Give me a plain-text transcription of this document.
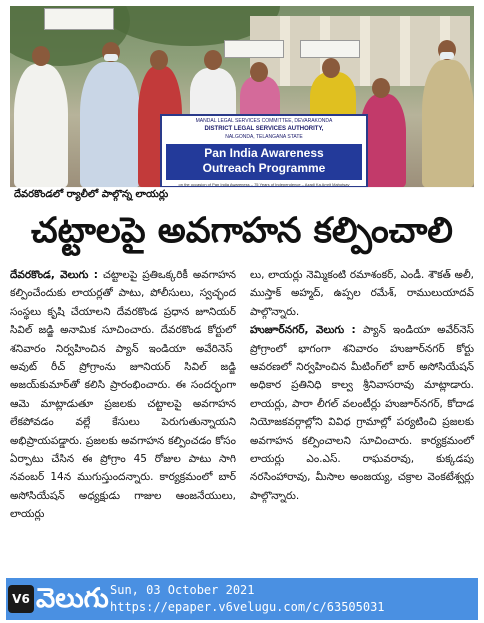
MANDAL LEGAL SERVICES COMMITTEE, DEVARAKONDA
DISTRICT LEGAL SERVICES AUTHORITY,
NALGONDA, TELANGANA STATE
Pan India Awareness
Outreach Programme
on the occasion of Pan India Awareness – 75 Years of Independence – Azadi Ka Amrit Mahotsav
దేవరకొండలో ర్యాలీలో పాల్గొన్న లాయర్లు
చట్టాలపై అవగాహన కల్పించాలి

దేవరకొండ, వెలుగు : చట్టాలపై ప్రతిఒక్కరికీ అవగాహన కల్పించేందుకు లాయర్లతో పాటు, పోలీసులు, స్వచ్ఛంద సంస్థలు కృషి చేయాలని దేవరకొండ ప్రధాన జూనియర్ సివిల్ జడ్జి అనామిక సూచించారు. దేవరకొండ కోర్టులో శనివారం నిర్వహించిన ప్యాన్ ఇండియా అవేరినెస్ ‌ అవుట్ రీచ్ ప్రోగ్రాంను జూనియర్ సివిల్ జడ్జి అజయ్‌కుమార్‌తో కలిసి ప్రారంభించారు. ఈ సందర్భంగా ఆమె మాట్లాడుతూ ప్రజలకు చట్టాలపై అవగాహన లేకపోవడం వల్లే కేసులు పెరుగుతున్నాయని అభిప్రాయపడ్డారు. ప్రజలకు అవగాహన కల్పించడం కోసం ఏర్పాటు చేసిన ఈ ప్రోగ్రాం 45 రోజుల పాటు సాగి నవంబర్ 14న ముగుస్తుందన్నారు. కార్యక్రమంలో బార్ అసోసియేషన్ అధ్యక్షుడు గాజుల ఆంజనేయులు, లాయర్లు

లు, లాయర్లు నెమ్మికంటి రమాశంకర్, ఎండీ. శౌకత్ అలీ, ముస్తాక్ అహ్మద్, ఉప్పల రమేశ్, రాములుయాదవ్ పాల్గొన్నారు.

హుజూర్‌నగర్, వెలుగు : ప్యాన్ ఇండియా అవేర్‌నెస్ ప్రోగ్రాంలో భాగంగా శనివారం హుజూర్‌నగర్ కోర్టు ఆవరణలో నిర్వహించిన మీటింగ్‌లో బార్ అసోసియేషన్ అధికార ప్రతినిధి కాల్వ శ్రీనివాసరావు మాట్లాడారు. లాయర్లు, పారా లీగల్ వలంటీర్లు హుజూర్‌నగర్, కోదాడ నియోజకవర్గాల్లోని వివిధ గ్రామాల్లో పర్యటించి ప్రజలకు అవగాహన కల్పించాలని సూచించారు. కార్యక్రమంలో లాయర్లు ఎం.ఎస్. రాఘవరావు, కుక్కడపు నరసింహారావు, మీసాల అంజయ్య, చక్రాల వెంకటేశ్వర్లు పాల్గొన్నారు.

V6 వెలుగు Sun, 03 October 2021
https://epaper.v6velugu.com/c/63505031
